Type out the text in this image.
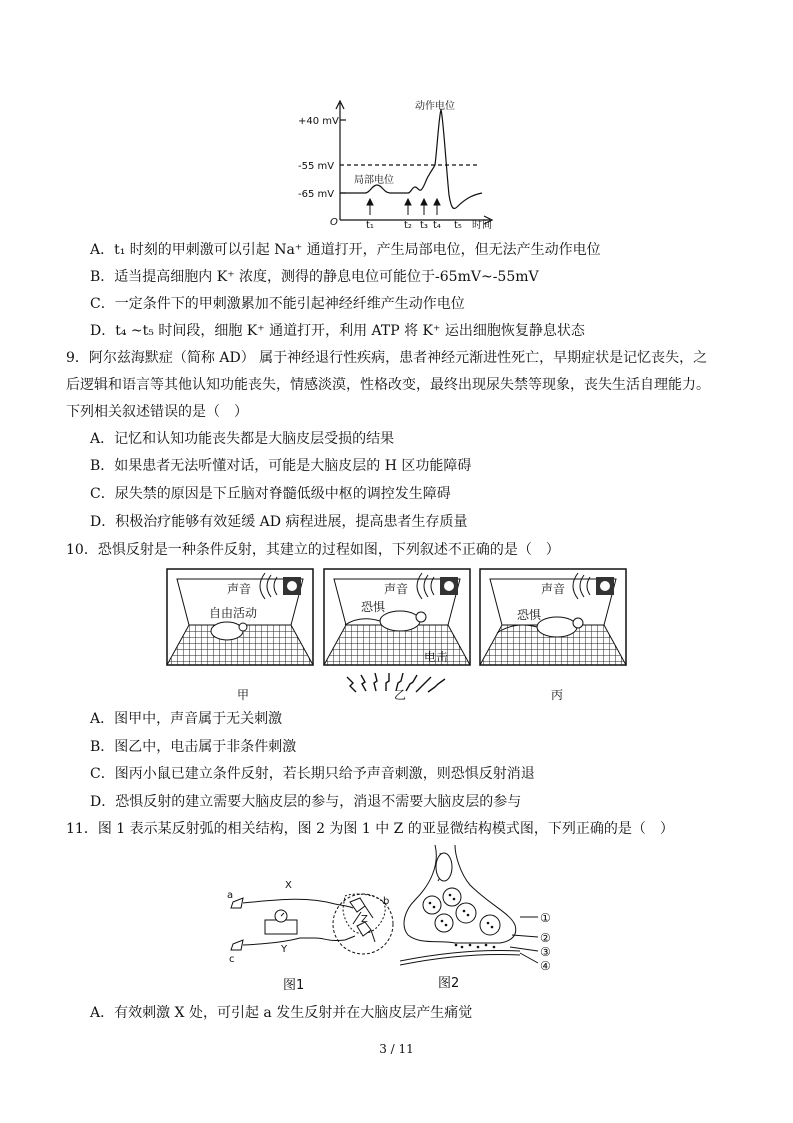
+40 mV
-55 mV
-65 mV
O
动作电位
局部电位
时间
t₁	t₂ t₃ t₄ t₅
A．t₁ 时刻的甲刺激可以引起 Na⁺ 通道打开，产生局部电位，但无法产生动作电位
B．适当提高细胞内 K⁺ 浓度，测得的静息电位可能位于-65mV~-55mV
C．一定条件下的甲刺激累加不能引起神经纤维产生动作电位
D．t₄ ~t₅ 时间段，细胞 K⁺ 通道打开，利用 ATP 将 K⁺ 运出细胞恢复静息状态
9．阿尔兹海默症（简称 AD） 属于神经退行性疾病，患者神经元渐进性死亡，早期症状是记忆丧失，之
后逻辑和语言等其他认知功能丧失，情感淡漠，性格改变，最终出现尿失禁等现象，丧失生活自理能力。
下列相关叙述错误的是（　）
A．记忆和认知功能丧失都是大脑皮层受损的结果
B．如果患者无法听懂对话，可能是大脑皮层的 H 区功能障碍
C．尿失禁的原因是下丘脑对脊髓低级中枢的调控发生障碍
D．积极治疗能够有效延缓 AD 病程进展，提高患者生存质量
10．恐惧反射是一种条件反射，其建立的过程如图，下列叙述不正确的是（　）
声音
自由活动
甲
声音
恐惧
电击
乙
声音
恐惧
丙
A．图甲中，声音属于无关刺激
B．图乙中，电击属于非条件刺激
C．图丙小鼠已建立条件反射，若长期只给予声音刺激，则恐惧反射消退
D．恐惧反射的建立需要大脑皮层的参与，消退不需要大脑皮层的参与
11．图 1 表示某反射弧的相关结构，图 2 为图 1 中 Z 的亚显微结构模式图，下列正确的是（　）
a
X
b
Z
Y
c
图1
①
②
③
④
图2
A．有效刺激 X 处，可引起 a 发生反射并在大脑皮层产生痛觉
3 / 11
